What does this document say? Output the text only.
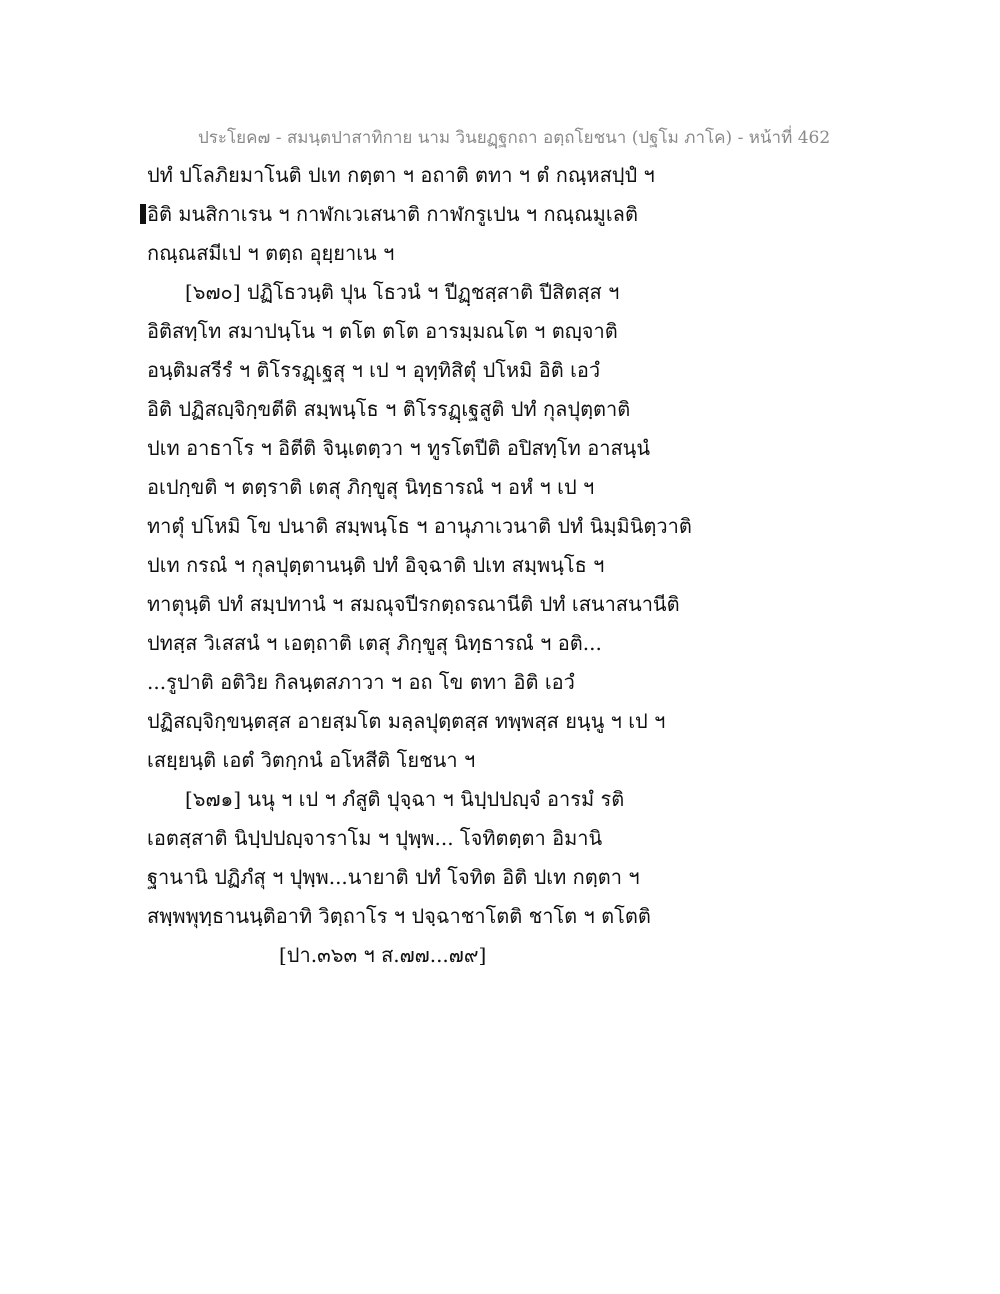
ประโยค๗ - สมนฺตปาสาทิกาย นาม วินยฏฺฐกถา อตฺถโยชนา (ปฐโม ภาโค) - หน้าที่ 462
ปทํ ปโลภิยมาโนติ ปเท กตฺตา ฯ อถาติ ตทา ฯ ตํ กณฺหสปฺปํ ฯ
อิติ มนสิกาเรน ฯ กาฬกเวเสนาติ กาฬกรูเปน ฯ กณฺณมูเลติ
กณฺณสมีเป ฯ ตตฺถ อุยฺยาเน ฯ
[๖๗๐] ปฏิโธวนฺติ ปุน โธวนํ ฯ ปีฏฺชสฺสาติ ปีสิตสฺส ฯ
อิติสทฺโท สมาปนฺโน ฯ ตโต ตโต อารมฺมณโต ฯ ตญฺจาติ
อนฺติมสรีรํ ฯ ติโรรฏฺเฐสุ ฯ เป ฯ อุทฺทิสิตุํ ปโหมิ อิติ เอวํ
อิติ ปฏิสญฺจิกฺขตีติ สมฺพนฺโธ ฯ ติโรรฏฺเฐสูติ ปทํ กุลปุตฺตาติ
ปเท อาธาโร ฯ อิตีติ จินฺเตตฺวา ฯ ทูรโตปีติ อปิสทฺโท อาสนฺนํ
อเปกฺขติ ฯ ตตฺราติ เตสุ ภิกฺขูสุ นิทฺธารณํ ฯ อหํ ฯ เป ฯ
ทาตุํ ปโหมิ โข ปนาติ สมฺพนฺโธ ฯ อานุภาเวนาติ ปทํ นิมฺมินิตฺวาติ
ปเท กรณํ ฯ กุลปุตฺตานนฺติ ปทํ อิจฺฉาติ ปเท สมฺพนฺโธ ฯ
ทาตุนฺติ ปทํ สมฺปทานํ ฯ สมณุจปีรกตฺถรณานีติ ปทํ เสนาสนานีติ
ปทสฺส วิเสสนํ ฯ เอตฺถาติ เตสุ ภิกฺขูสุ นิทฺธารณํ ฯ อติ...
...รูปาติ อติวิย กิลนฺตสภาวา ฯ อถ โข ตทา อิติ เอวํ
ปฏิสญฺจิกฺขนฺตสฺส อายสฺมโต มลฺลปุตฺตสฺส ทพฺพสฺส ยนฺนู ฯ เป ฯ
เสยฺยนฺติ เอตํ วิตกฺกนํ อโหสีติ โยชนา ฯ
[๖๗๑] นนุ ฯ เป ฯ ภํสูติ ปุจฺฉา ฯ นิปฺปปญฺจํ อารมํ รติ
เอตสฺสาติ นิปฺปปญฺจาราโม ฯ ปุพฺพ... โจทิตตฺตา อิมานิ
ฐานานิ ปฏิภํสุ ฯ ปุพฺพ...นายาติ ปทํ โจทิต อิติ ปเท กตฺตา ฯ
สพฺพพุทฺธานนฺติอาทิ วิตฺถาโร ฯ ปจฺฉาชาโตติ ชาโต ฯ ตโตติ
[ปา.๓๖๓ ฯ ส.๗๗...๗๙]
